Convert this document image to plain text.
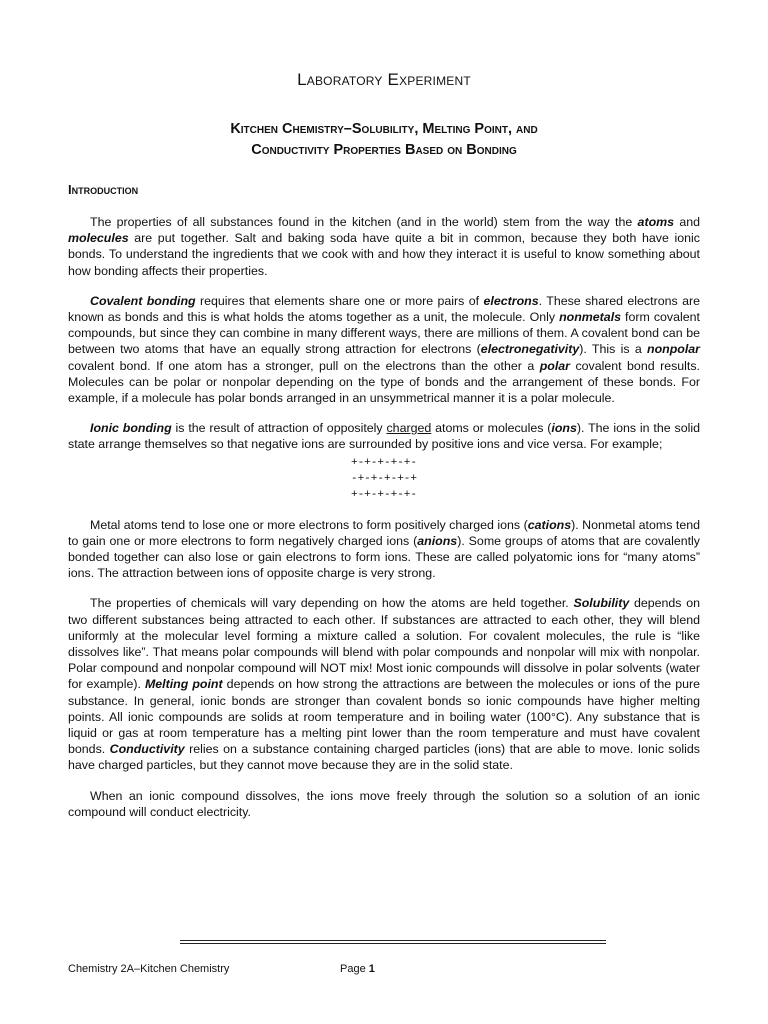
Laboratory Experiment
Kitchen Chemistry–Solubility, Melting Point, and
Conductivity Properties Based on Bonding
Introduction

The properties of all substances found in the kitchen (and in the world) stem from the way the atoms and molecules are put together. Salt and baking soda have quite a bit in common, because they both have ionic bonds. To understand the ingredients that we cook with and how they interact it is useful to know something about how bonding affects their properties.

Covalent bonding requires that elements share one or more pairs of electrons. These shared electrons are known as bonds and this is what holds the atoms together as a unit, the molecule. Only nonmetals form covalent compounds, but since they can combine in many different ways, there are millions of them. A covalent bond can be between two atoms that have an equally strong attraction for electrons (electronegativity). This is a nonpolar covalent bond. If one atom has a stronger, pull on the electrons than the other a polar covalent bond results. Molecules can be polar or nonpolar depending on the type of bonds and the arrangement of these bonds. For example, if a molecule has polar bonds arranged in an unsymmetrical manner it is a polar molecule.

Ionic bonding is the result of attraction of oppositely charged atoms or molecules (ions). The ions in the solid state arrange themselves so that negative ions are surrounded by positive ions and vice versa. For example;

+-+-+-+-+-
-+-+-+-+-+
+-+-+-+-+-

Metal atoms tend to lose one or more electrons to form positively charged ions (cations). Nonmetal atoms tend to gain one or more electrons to form negatively charged ions (anions). Some groups of atoms that are covalently bonded together can also lose or gain electrons to form ions. These are called polyatomic ions for “many atoms” ions. The attraction between ions of opposite charge is very strong.

The properties of chemicals will vary depending on how the atoms are held together. Solubility depends on two different substances being attracted to each other. If substances are attracted to each other, they will blend uniformly at the molecular level forming a mixture called a solution. For covalent molecules, the rule is “like dissolves like”. That means polar compounds will blend with polar compounds and nonpolar will mix with nonpolar. Polar compound and nonpolar compound will NOT mix! Most ionic compounds will dissolve in polar solvents (water for example). Melting point depends on how strong the attractions are between the molecules or ions of the pure substance. In general, ionic bonds are stronger than covalent bonds so ionic compounds have higher melting points. All ionic compounds are solids at room temperature and in boiling water (100°C). Any substance that is liquid or gas at room temperature has a melting pint lower than the room temperature and must have covalent bonds. Conductivity relies on a substance containing charged particles (ions) that are able to move. Ionic solids have charged particles, but they cannot move because they are in the solid state.

When an ionic compound dissolves, the ions move freely through the solution so a solution of an ionic compound will conduct electricity.

Chemistry 2A–Kitchen Chemistry	Page 1
